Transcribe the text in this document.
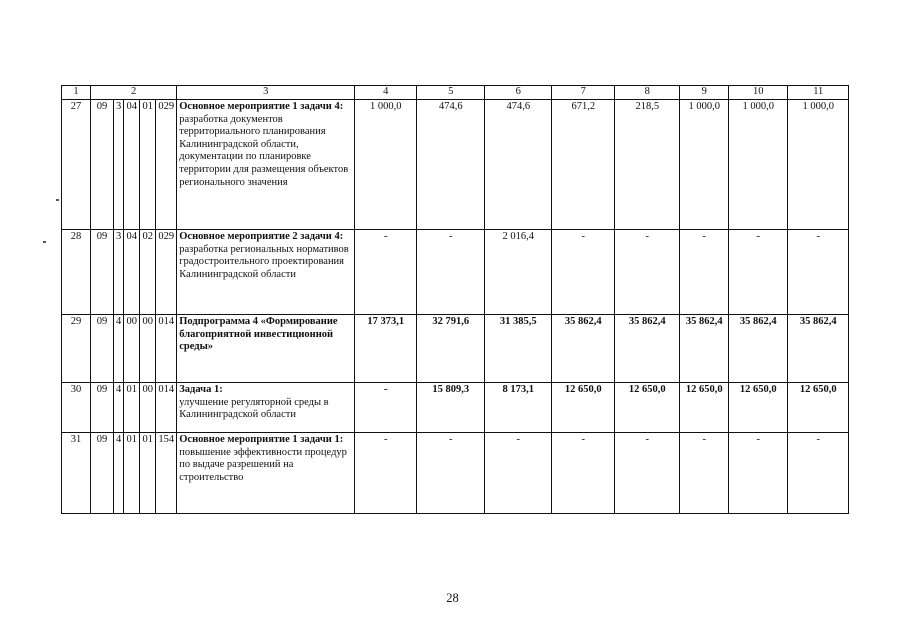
1	2					3	4	5	6	7	8	9	10	11
27	09	3	04	01	029	Основное мероприятие 1 задачи 4:
разработка документов территориального планирования Калининградской области, документации по планировке территории для размещения объектов регионального значения	1 000,0	474,6	474,6	671,2	218,5	1 000,0	1 000,0	1 000,0
28	09	3	04	02	029	Основное мероприятие 2 задачи 4:
разработка региональных нормативов градостроительного проектирования Калининградской области	-	-	2 016,4	-	-	-	-	-
29	09	4	00	00	014	Подпрограмма 4 «Формирование благоприятной инвестиционной среды»	17 373,1	32 791,6	31 385,5	35 862,4	35 862,4	35 862,4	35 862,4	35 862,4
30	09	4	01	00	014	Задача 1:
улучшение регуляторной среды в Калининградской области	-	15 809,3	8 173,1	12 650,0	12 650,0	12 650,0	12 650,0	12 650,0
31	09	4	01	01	154	Основное мероприятие 1 задачи 1:
повышение эффективности процедур по выдаче разрешений на строительство	-	-	-	-	-	-	-	-
28
